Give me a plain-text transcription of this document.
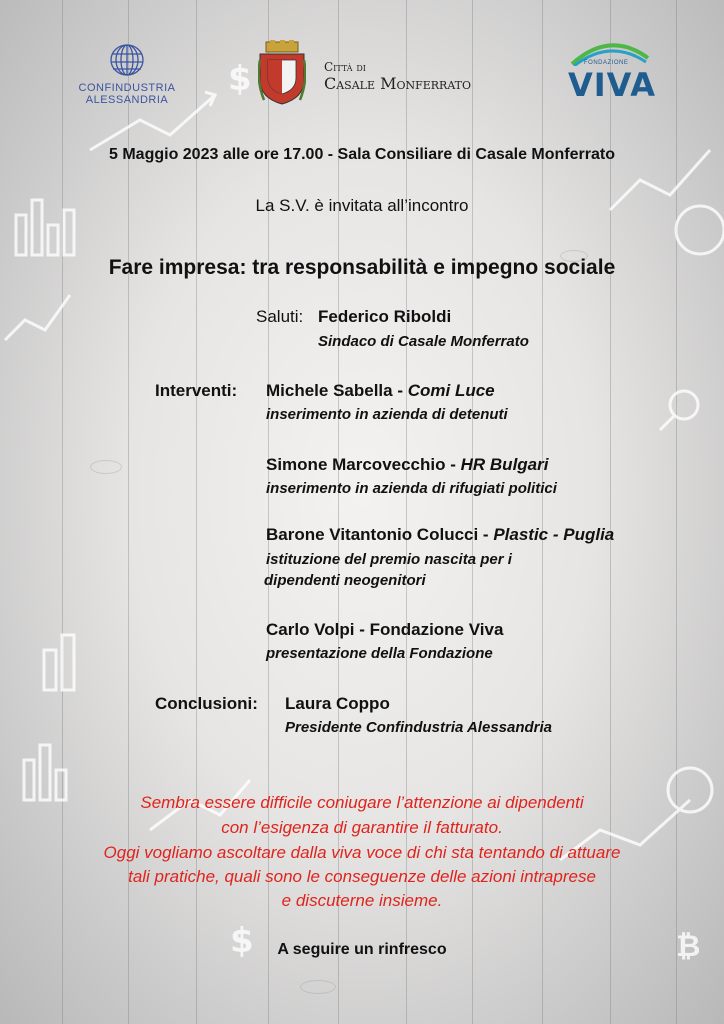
$
$	₿
CONFINDUSTRIA
ALESSANDRIA
Città di
Casale Monferrato
FONDAZIONE
VIVA
5 Maggio 2023 alle ore 17.00 - Sala Consiliare di Casale Monferrato
La S.V. è invitata all’incontro
Fare impresa: tra responsabilità e impegno sociale
Saluti: Federico Riboldi
Sindaco di Casale Monferrato
Interventi: Michele Sabella - Comi Luce
inserimento in azienda di detenuti
Simone Marcovecchio - HR Bulgari
inserimento in azienda di rifugiati politici
Barone Vitantonio Colucci - Plastic - Puglia
istituzione del premio nascita per i
dipendenti neogenitori
Carlo Volpi - Fondazione Viva
presentazione della Fondazione
Conclusioni: Laura Coppo
Presidente Confindustria Alessandria
Sembra essere difficile coniugare l’attenzione ai dipendenti
con l’esigenza di garantire il fatturato.
Oggi vogliamo ascoltare dalla viva voce di chi sta tentando di attuare
tali pratiche, quali sono le conseguenze delle azioni intraprese
e discuterne insieme.
A seguire un rinfresco
